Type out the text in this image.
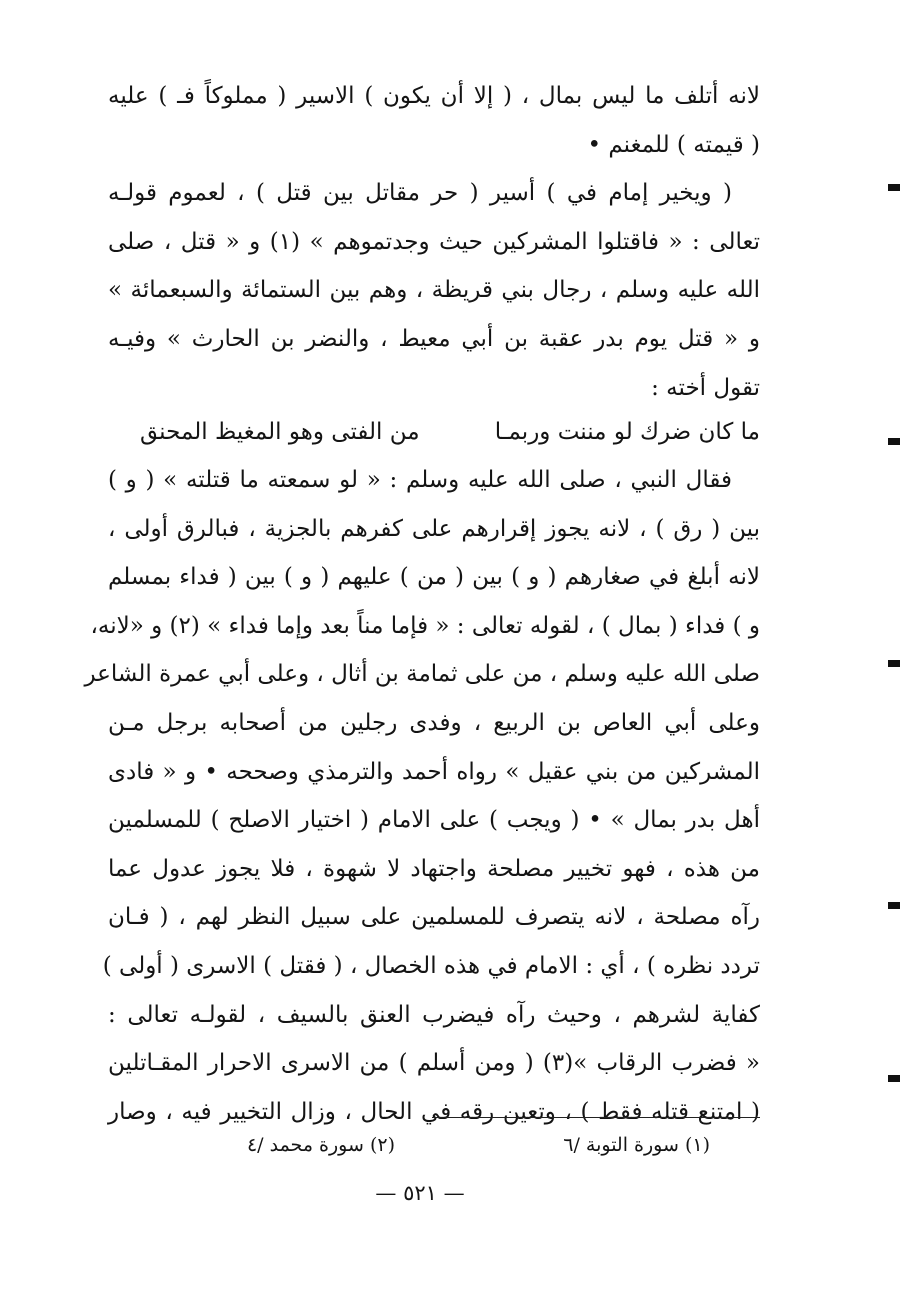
لانه أتلف ما ليس بمال ، ( إلا أن يكون ) الاسير ( مملوكاً فـ ) عليه
( قيمته ) للمغنم •
( ويخير إمام في ) أسير ( حر مقاتل بين قتل ) ، لعموم قولـه
تعالى : « فاقتلوا المشركين حيث وجدتموهم » (١) و « قتل ، صلى
الله عليه وسلم ، رجال بني قريظة ، وهم بين الستمائة والسبعمائة »
و « قتل يوم بدر عقبة بن أبي معيط ، والنضر بن الحارث » وفيـه
تقول أخته :
ما كان ضرك لو مننت وربمـا
من الفتى وهو المغيظ المحنق
فقال النبي ، صلى الله عليه وسلم : « لو سمعته ما قتلته » ( و )
بين ( رق ) ، لانه يجوز إقرارهم على كفرهم بالجزية ، فبالرق أولى ،
لانه أبلغ في صغارهم ( و ) بين ( من ) عليهم ( و ) بين ( فداء بمسلم
و ) فداء ( بمال ) ، لقوله تعالى : « فإما مناً بعد وإما فداء » (٢) و «لانه،
صلى الله عليه وسلم ، من على ثمامة بن أثال ، وعلى أبي عمرة الشاعر
وعلى أبي العاص بن الربيع ، وفدى رجلين من أصحابه برجل مـن
المشركين من بني عقيل » رواه أحمد والترمذي وصححه • و « فادى
أهل بدر بمال » • ( ويجب ) على الامام ( اختيار الاصلح ) للمسلمين
من هذه ، فهو تخيير مصلحة واجتهاد لا شهوة ، فلا يجوز عدول عما
رآه مصلحة ، لانه يتصرف للمسلمين على سبيل النظر لهم ، ( فـان
تردد نظره ) ، أي : الامام في هذه الخصال ، ( فقتل ) الاسرى ( أولى )
كفاية لشرهم ، وحيث رآه فيضرب العنق بالسيف ، لقولـه تعالى :
« فضرب الرقاب »(٣) ( ومن أسلم ) من الاسرى الاحرار المقـاتلين
( امتنع قتله فقط ) ، وتعين رقه في الحال ، وزال التخيير فيه ، وصار
(١) سورة التوبة /٦
(٢) سورة محمد /٤
— ٥٢١ —
